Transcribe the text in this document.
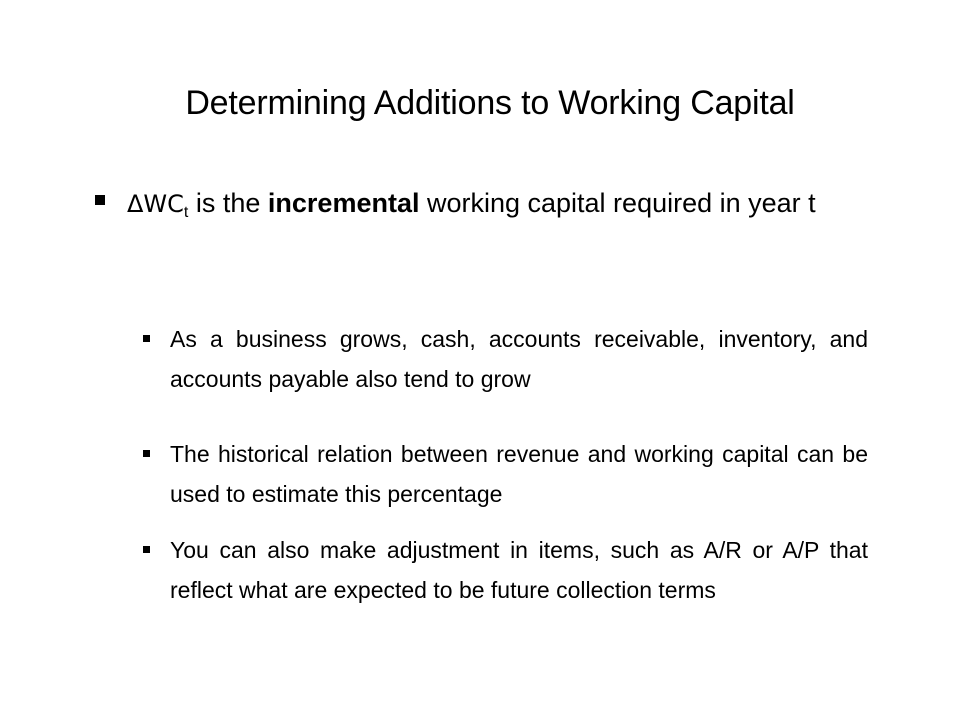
Determining Additions to Working Capital
$\Delta WC_t$ is the incremental working capital required in year t
As a business grows, cash, accounts receivable, inventory, and accounts payable also tend to grow
The historical relation between revenue and working capital can be used to estimate this percentage
You can also make adjustment in items, such as A/R or A/P that reflect what are expected to be future collection terms
